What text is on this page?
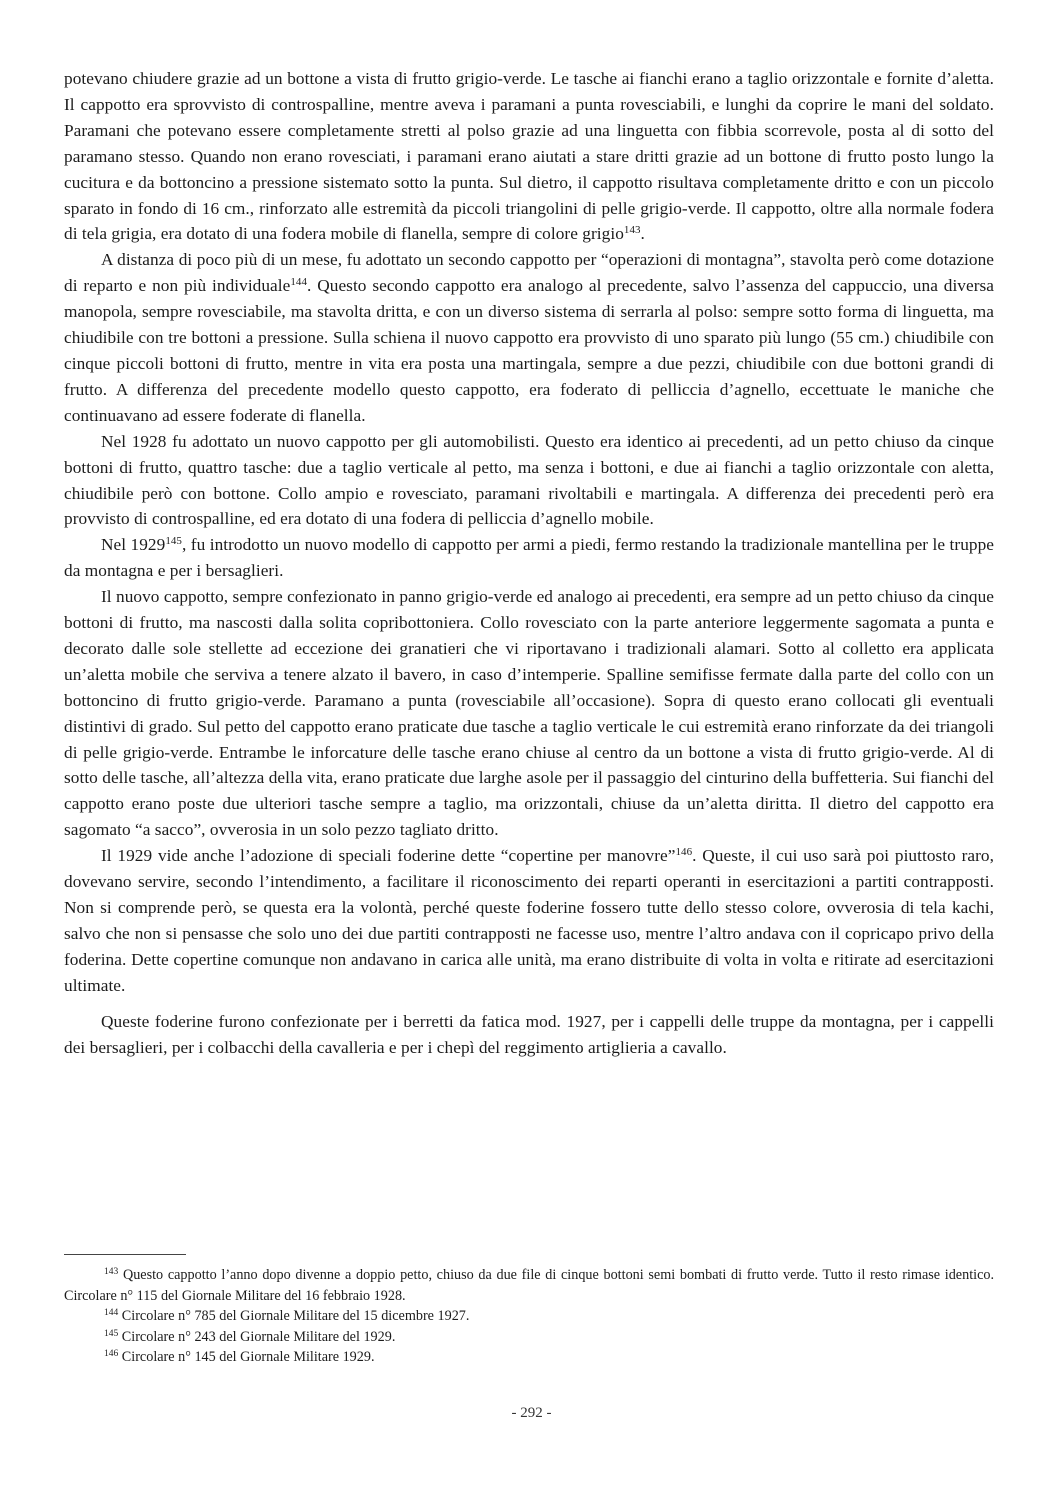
potevano chiudere grazie ad un bottone a vista di frutto grigio-verde. Le tasche ai fianchi erano a taglio orizzontale e fornite d’aletta. Il cappotto era sprovvisto di controspalline, mentre aveva i paramani a punta rovesciabili, e lunghi da coprire le mani del soldato. Paramani che potevano essere completamente stretti al polso grazie ad una linguetta con fibbia scorrevole, posta al di sotto del paramano stesso. Quando non erano rovesciati, i paramani erano aiutati a stare dritti grazie ad un bottone di frutto posto lungo la cucitura e da bottoncino a pressione sistemato sotto la punta. Sul dietro, il cappotto risultava completamente dritto e con un piccolo sparato in fondo di 16 cm., rinforzato alle estremità da piccoli triangolini di pelle grigio-verde. Il cappotto, oltre alla normale fodera di tela grigia, era dotato di una fodera mobile di flanella, sempre di colore grigio$^{143}$.

A distanza di poco più di un mese, fu adottato un secondo cappotto per “operazioni di montagna”, stavolta però come dotazione di reparto e non più individuale$^{144}$. Questo secondo cappotto era analogo al precedente, salvo l’assenza del cappuccio, una diversa manopola, sempre rovesciabile, ma stavolta dritta, e con un diverso sistema di serrarla al polso: sempre sotto forma di linguetta, ma chiudibile con tre bottoni a pressione. Sulla schiena il nuovo cappotto era provvisto di uno sparato più lungo (55 cm.) chiudibile con cinque piccoli bottoni di frutto, mentre in vita era posta una martingala, sempre a due pezzi, chiudibile con due bottoni grandi di frutto. A differenza del precedente modello questo cappotto, era foderato di pelliccia d’agnello, eccettuate le maniche che continuavano ad essere foderate di flanella.

Nel 1928 fu adottato un nuovo cappotto per gli automobilisti. Questo era identico ai precedenti, ad un petto chiuso da cinque bottoni di frutto, quattro tasche: due a taglio verticale al petto, ma senza i bottoni, e due ai fianchi a taglio orizzontale con aletta, chiudibile però con bottone. Collo ampio e rovesciato, paramani rivoltabili e martingala. A differenza dei precedenti però era provvisto di controspalline, ed era dotato di una fodera di pelliccia d’agnello mobile.

Nel 1929$^{145}$, fu introdotto un nuovo modello di cappotto per armi a piedi, fermo restando la tradizionale mantellina per le truppe da montagna e per i bersaglieri.

Il nuovo cappotto, sempre confezionato in panno grigio-verde ed analogo ai precedenti, era sempre ad un petto chiuso da cinque bottoni di frutto, ma nascosti dalla solita copribottoniera. Collo rovesciato con la parte anteriore leggermente sagomata a punta e decorato dalle sole stellette ad eccezione dei granatieri che vi riportavano i tradizionali alamari. Sotto al colletto era applicata un’aletta mobile che serviva a tenere alzato il bavero, in caso d’intemperie. Spalline semifisse fermate dalla parte del collo con un bottoncino di frutto grigio-verde. Paramano a punta (rovesciabile all’occasione). Sopra di questo erano collocati gli eventuali distintivi di grado. Sul petto del cappotto erano praticate due tasche a taglio verticale le cui estremità erano rinforzate da dei triangoli di pelle grigio-verde. Entrambe le inforcature delle tasche erano chiuse al centro da un bottone a vista di frutto grigio-verde. Al di sotto delle tasche, all’altezza della vita, erano praticate due larghe asole per il passaggio del cinturino della buffetteria. Sui fianchi del cappotto erano poste due ulteriori tasche sempre a taglio, ma orizzontali, chiuse da un’aletta diritta. Il dietro del cappotto era sagomato “a sacco”, ovverosia in un solo pezzo tagliato dritto.

Il 1929 vide anche l’adozione di speciali foderine dette “copertine per manovre”$^{146}$. Queste, il cui uso sarà poi piuttosto raro, dovevano servire, secondo l’intendimento, a facilitare il riconoscimento dei reparti operanti in esercitazioni a partiti contrapposti. Non si comprende però, se questa era la volontà, perché queste foderine fossero tutte dello stesso colore, ovverosia di tela kachi, salvo che non si pensasse che solo uno dei due partiti contrapposti ne facesse uso, mentre l’altro andava con il copricapo privo della foderina. Dette copertine comunque non andavano in carica alle unità, ma erano distribuite di volta in volta e ritirate ad esercitazioni ultimate.

Queste foderine furono confezionate per i berretti da fatica mod. 1927, per i cappelli delle truppe da montagna, per i cappelli dei bersaglieri, per i colbacchi della cavalleria e per i chepì del reggimento artiglieria a cavallo.

$^{143}$ Questo cappotto l’anno dopo divenne a doppio petto, chiuso da due file di cinque bottoni semi bombati di frutto verde. Tutto il resto rimase identico. Circolare n° 115 del Giornale Militare del 16 febbraio 1928.

$^{144}$ Circolare n° 785 del Giornale Militare del 15 dicembre 1927.

$^{145}$ Circolare n° 243 del Giornale Militare del 1929.

$^{146}$ Circolare n° 145 del Giornale Militare 1929.

- 292 -
